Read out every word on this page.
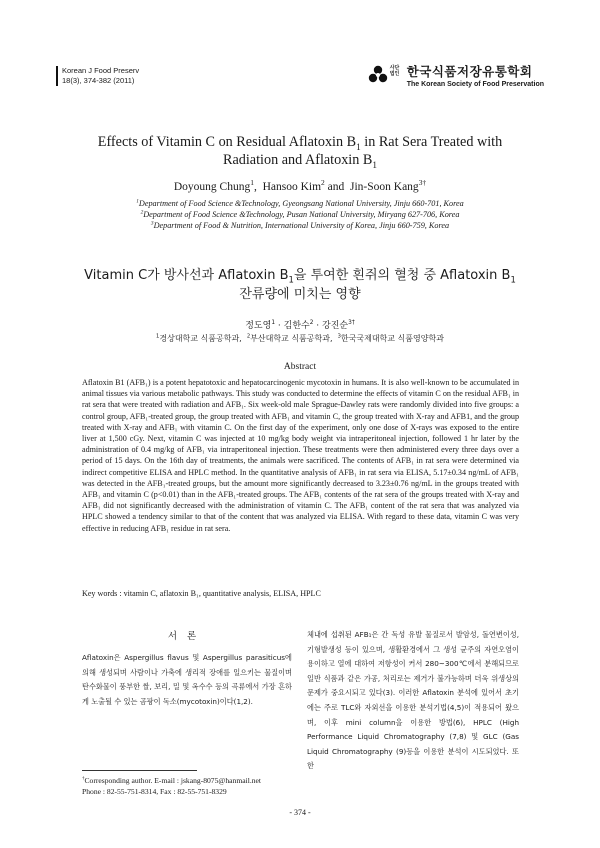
Korean J Food Preserv
18(3), 374-382 (2011)
사단법인 한국식품저장유통학회
The Korean Society of Food Preservation
Effects of Vitamin C on Residual Aflatoxin $B_1$ in Rat Sera Treated with
Radiation and Aflatoxin $B_1$
Doyoung Chung$^1$,  Hansoo Kim$^2$ and  Jin-Soon Kang$^{3\dagger}$
$^1$Department of Food Science &Technology, Gyeongsang National University, Jinju 660-701, Korea
$^2$Department of Food Science &Technology, Pusan National University, Miryang 627-706, Korea
$^3$Department of Food & Nutrition, International University of Korea, Jinju 660-759, Korea
Vitamin C가 방사선과 Aflatoxin $B_1$을 투여한 흰쥐의 혈청 중 Aflatoxin $B_1$
잔류량에 미치는 영향
정도영$^1$ · 김한수$^2$ · 강진순$^{3\dagger}$
$^1$경상대학교 식품공학과, $^2$부산대학교 식품공학과, $^3$한국국제대학교 식품영양학과
Abstract
Aflatoxin B1 (AFB₁) is a potent hepatotoxic and hepatocarcinogenic mycotoxin in humans. It is also well-known to be accumulated in animal tissues via various metabolic pathways. This study was conducted to determine the effects of vitamin C on the residual AFB₁ in rat sera that were treated with radiation and AFB₁. Six week-old male Sprague-Dawley rats were randomly divided into five groups: a control group, AFB₁-treated group, the group treated with AFB₁ and vitamin C, the group treated with X-ray and AFB1, and the group treated with X-ray and AFB₁ with vitamin C. On the first day of the experiment, only one dose of X-rays was exposed to the entire liver at 1,500 cGy. Next, vitamin C was injected at 10 mg/kg body weight via intraperitoneal injection, followed 1 hr later by the administration of 0.4 mg/kg of AFB₁ via intraperitoneal injection. These treatments were then administered every three days over a period of 15 days. On the 16th day of treatments, the animals were sacrificed. The contents of AFB₁ in rat sera were determined via indirect competitive ELISA and HPLC method. In the quantitative analysis of AFB₁ in rat sera via ELISA, 5.17±0.34 ng/mL of AFB₁ was detected in the AFB₁-treated groups, but the amount more significantly decreased to 3.23±0.76 ng/mL in the groups treated with AFB₁ and vitamin C (p<0.01) than in the AFB₁-treated groups. The AFB₁ contents of the rat sera of the groups treated with X-ray and AFB₁ did not significantly decreased with the administration of vitamin C. The AFB₁ content of the rat sera that was analyzed via HPLC showed a tendency similar to that of the content that was analyzed via ELISA. With regard to these data, vitamin C was very effective in reducing AFB₁ residue in rat sera.
Key words : vitamin C, aflatoxin B₁, quantitative analysis, ELISA, HPLC
서론
Aflatoxin은 Aspergillus flavus 및 Aspergillus parasiticus에 의해 생성되며 사람이나 가축에 생리적 장애를 일으키는 물질이며 탄수화물이 풍부한 쌀, 보리, 밀 및 옥수수 등의 곡류에서 가장 흔하게 노출될 수 있는 곰팡이 독소(mycotoxin)이다(1,2).
체내에 섭취된 AFB₁은 간 독성 유발 물질로서 발암성, 돌연변이성, 기형발생성 등이 있으며, 생활환경에서 그 생성 균주의 자연오염이 용이하고 열에 대하여 저항성이 커서 280~300℃에서 분해되므로 일반 식품과 같은 가공, 처리로는 제거가 불가능하며 더욱 위생상의 문제가 중요시되고 있다(3). 이러한 Aflatoxin 분석에 있어서 초기에는 주로 TLC와 자외선을 이용한 분석기법(4,5)이 적용되어 왔으며, 이후 mini column을 이용한 방법(6), HPLC (High Performance Liquid Chromatography (7,8) 및 GLC (Gas Liquid Chromatography (9)등을 이용한 분석이 시도되었다. 또한
†Corresponding author. E-mail : jskang-8075@hanmail.net
Phone : 82-55-751-8314, Fax : 82-55-751-8329
- 374 -
